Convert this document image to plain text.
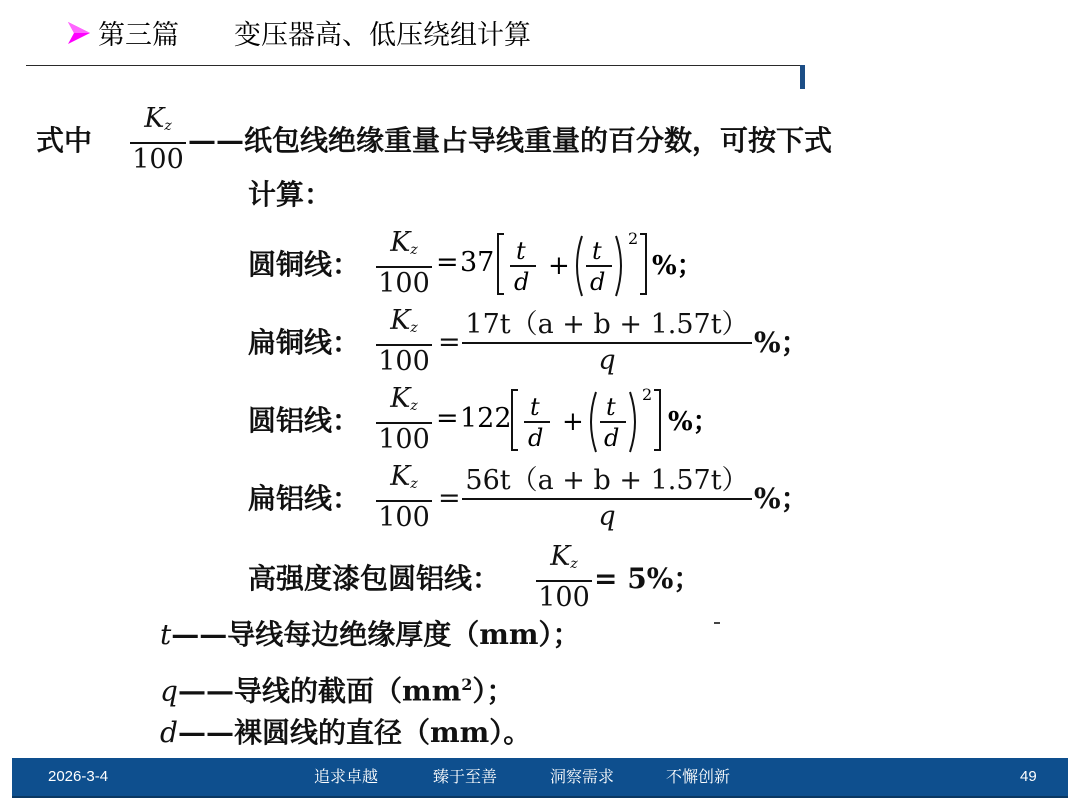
第三篇 变压器高、低压绕组计算
式中 $\frac{K_z}{100}$ ——纸包线绝缘重量占导线重量的百分数，可按下式
计算：
圆铜线： $\frac{K_z}{100} = 37$ t
d
+ t
d
2
%；
扁铜线： $\frac{K_z}{100} = \frac{17t(a + b + 1.57t)}{q}$ %；
圆铝线： $\frac{K_z}{100} = 122$ t
d
+ t
d
2
%；
扁铝线： $\frac{K_z}{100} = \frac{56t(a + b + 1.57t)}{q}$ %；
高强度漆包圆铝线： $\frac{K_z}{100} = 5\%$；
t——导线每边绝缘厚度（mm）；
q——导线的截面$(mm^2)$；
d——裸圆线的直径（mm）。
2026-3-4	追求卓越	臻于至善	洞察需求	不懈创新	49
